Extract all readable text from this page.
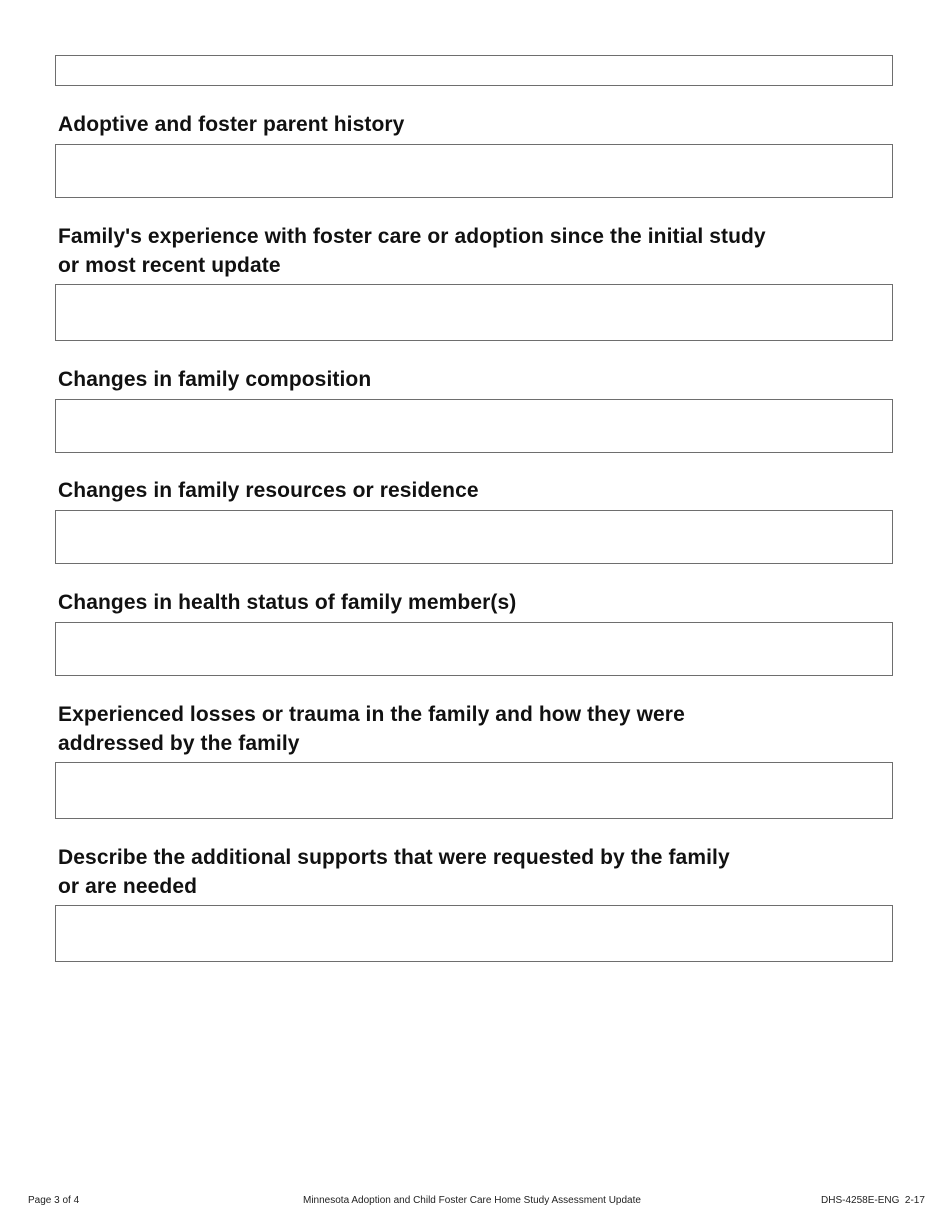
Adoptive and foster parent history
Family's experience with foster care or adoption since the initial study
or most recent update
Changes in family composition
Changes in family resources or residence
Changes in health status of family member(s)
Experienced losses or trauma in the family and how they were
addressed by the family
Describe the additional supports that were requested by the family
or are needed
Page 3 of 4	Minnesota Adoption and Child Foster Care Home Study Assessment Update	DHS-4258E-ENG  2-17
